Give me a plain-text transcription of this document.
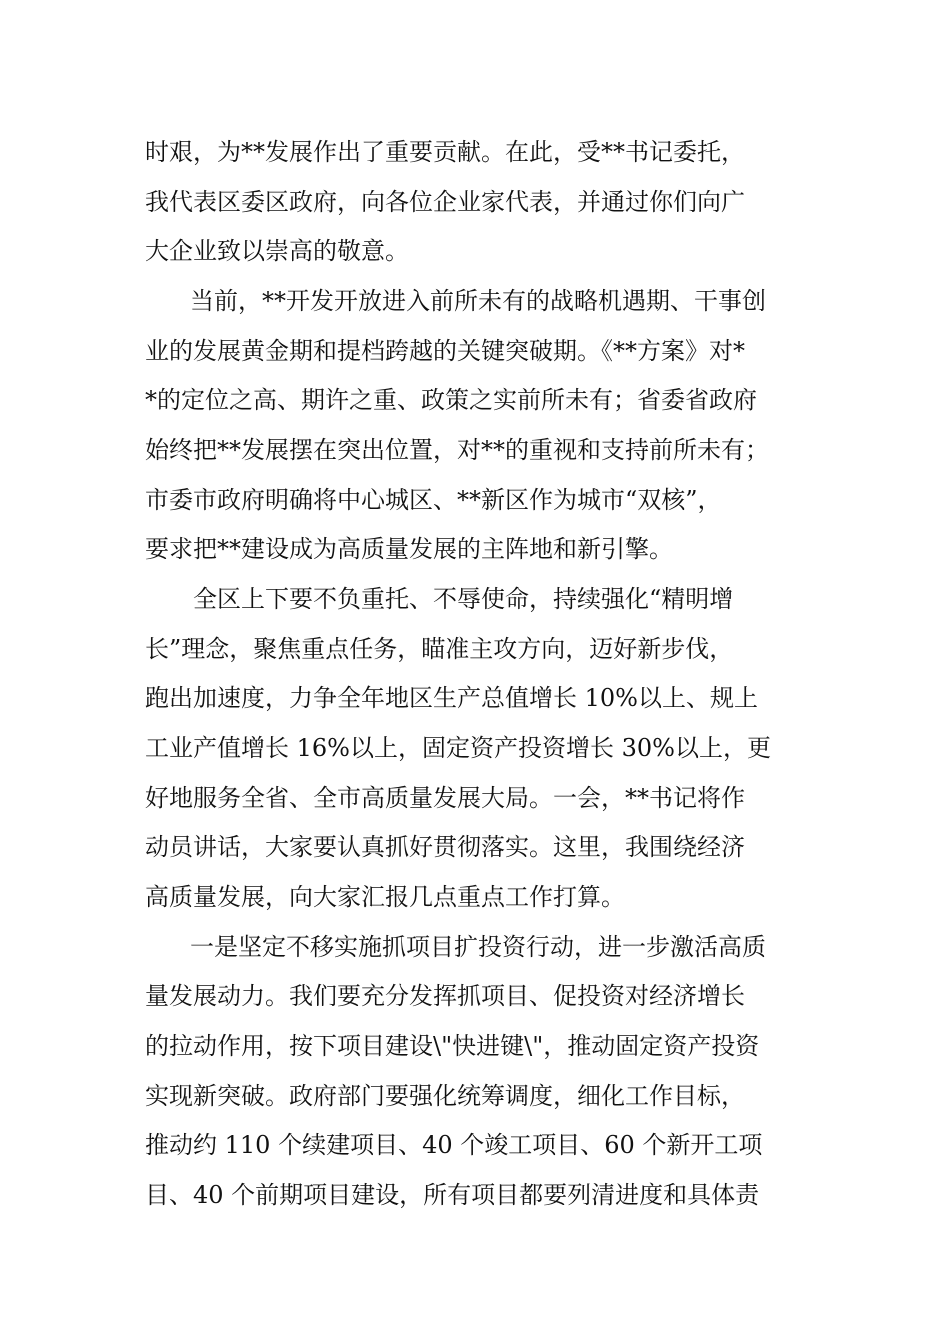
时艰，为**发展作出了重要贡献。在此，受**书记委托，
我代表区委区政府，向各位企业家代表，并通过你们向广
大企业致以崇高的敬意。
当前，**开发开放进入前所未有的战略机遇期、干事创
业的发展黄金期和提档跨越的关键突破期。《**方案》对*
*的定位之高、期许之重、政策之实前所未有；省委省政府
始终把**发展摆在突出位置，对**的重视和支持前所未有；
市委市政府明确将中心城区、**新区作为城市“双核”，
要求把**建设成为高质量发展的主阵地和新引擎。
全区上下要不负重托、不辱使命，持续强化“精明增
长”理念，聚焦重点任务，瞄准主攻方向，迈好新步伐，
跑出加速度，力争全年地区生产总值增长 10%以上、规上
工业产值增长 16%以上，固定资产投资增长 30%以上，更
好地服务全省、全市高质量发展大局。一会，**书记将作
动员讲话，大家要认真抓好贯彻落实。这里，我围绕经济
高质量发展，向大家汇报几点重点工作打算。
一是坚定不移实施抓项目扩投资行动，进一步激活高质
量发展动力。我们要充分发挥抓项目、促投资对经济增长
的拉动作用，按下项目建设\"快进键\"，推动固定资产投资
实现新突破。政府部门要强化统筹调度，细化工作目标，
推动约 110 个续建项目、40 个竣工项目、60 个新开工项
目、40 个前期项目建设，所有项目都要列清进度和具体责
